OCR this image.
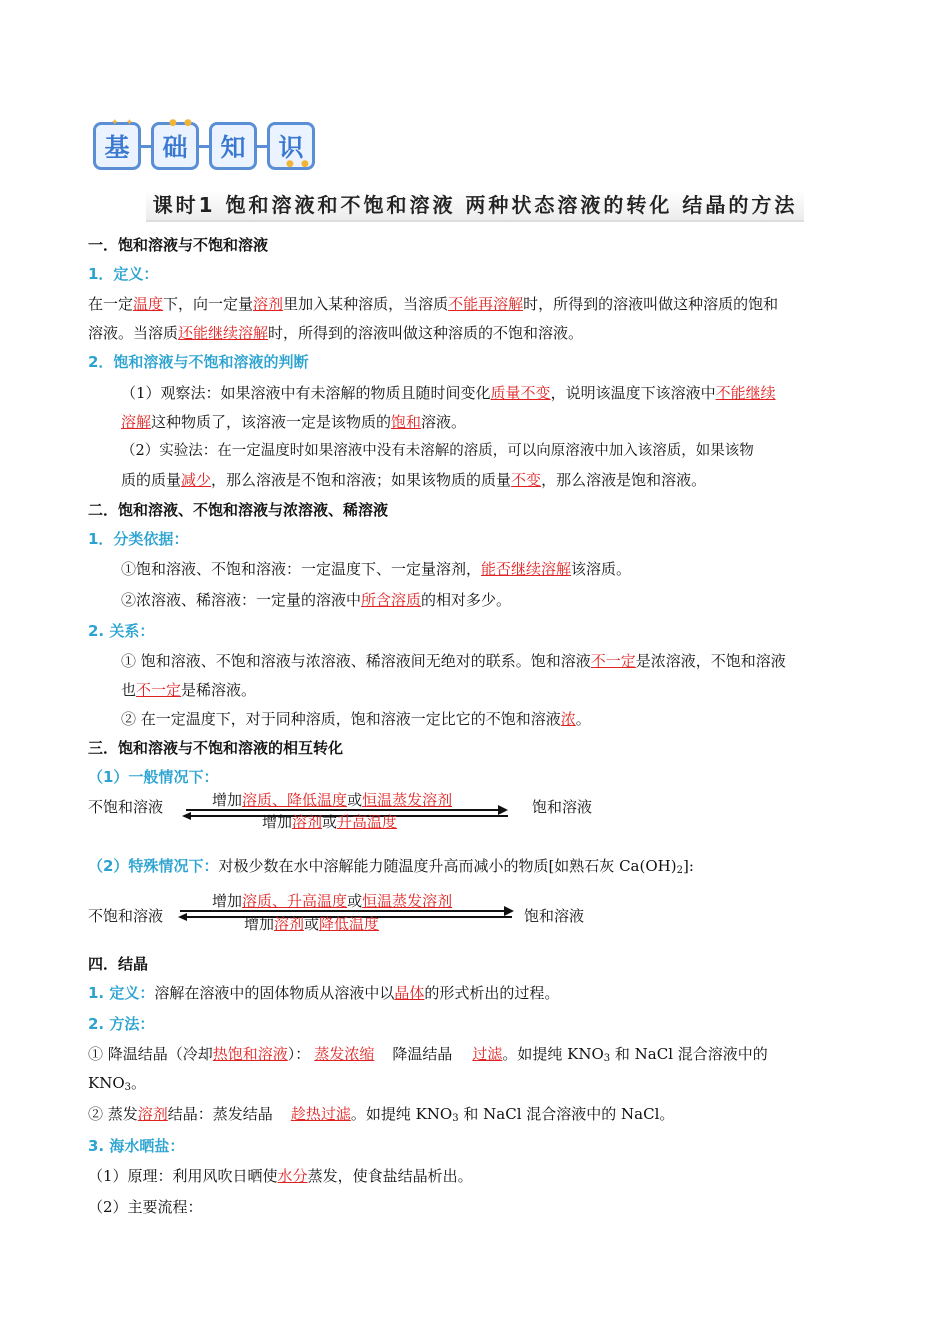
✦ ✦
基
● ●
础 知
● ●
识
课时1 饱和溶液和不饱和溶液 两种状态溶液的转化 结晶的方法
一．饱和溶液与不饱和溶液
1．定义：
在一定温度下，向一定量溶剂里加入某种溶质，当溶质不能再溶解时，所得到的溶液叫做这种溶质的饱和
溶液。当溶质还能继续溶解时，所得到的溶液叫做这种溶质的不饱和溶液。
2．饱和溶液与不饱和溶液的判断
（1）观察法：如果溶液中有未溶解的物质且随时间变化质量不变，说明该温度下该溶液中不能继续
溶解这种物质了，该溶液一定是该物质的饱和溶液。
（2）实验法：在一定温度时如果溶液中没有未溶解的溶质，可以向原溶液中加入该溶质，如果该物
质的质量减少，那么溶液是不饱和溶液；如果该物质的质量不变，那么溶液是饱和溶液。
二．饱和溶液、不饱和溶液与浓溶液、稀溶液
1．分类依据：
①饱和溶液、不饱和溶液：一定温度下、一定量溶剂，能否继续溶解该溶质。
②浓溶液、稀溶液：一定量的溶液中所含溶质的相对多少。
2. 关系：
① 饱和溶液、不饱和溶液与浓溶液、稀溶液间无绝对的联系。饱和溶液不一定是浓溶液，不饱和溶液
也不一定是稀溶液。
② 在一定温度下，对于同种溶质，饱和溶液一定比它的不饱和溶液浓。
三．饱和溶液与不饱和溶液的相互转化
（1）一般情况下：
不饱和溶液	增加溶质、降低温度或恒温蒸发溶剂
增加溶剂或升高温度
饱和溶液
（2）特殊情况下：对极少数在水中溶解能力随温度升高而减小的物质[如熟石灰 $Ca(OH)_2$]:
不饱和溶液
增加溶质、升高温度或恒温蒸发溶剂
增加溶剂或降低温度	饱和溶液
四．结晶
1. 定义：溶解在溶液中的固体物质从溶液中以晶体的形式析出的过程。
2. 方法：
① 降温结晶（冷却热饱和溶液）： 蒸发浓缩 降温结晶 过滤。如提纯 $KNO_3$ 和 NaCl 混合溶液中的
$KNO_3$。
② 蒸发溶剂结晶：蒸发结晶 趁热过滤。如提纯 $KNO_3$ 和 NaCl 混合溶液中的 NaCl。
3. 海水晒盐：
（1）原理：利用风吹日晒使水分蒸发，使食盐结晶析出。
（2）主要流程：
